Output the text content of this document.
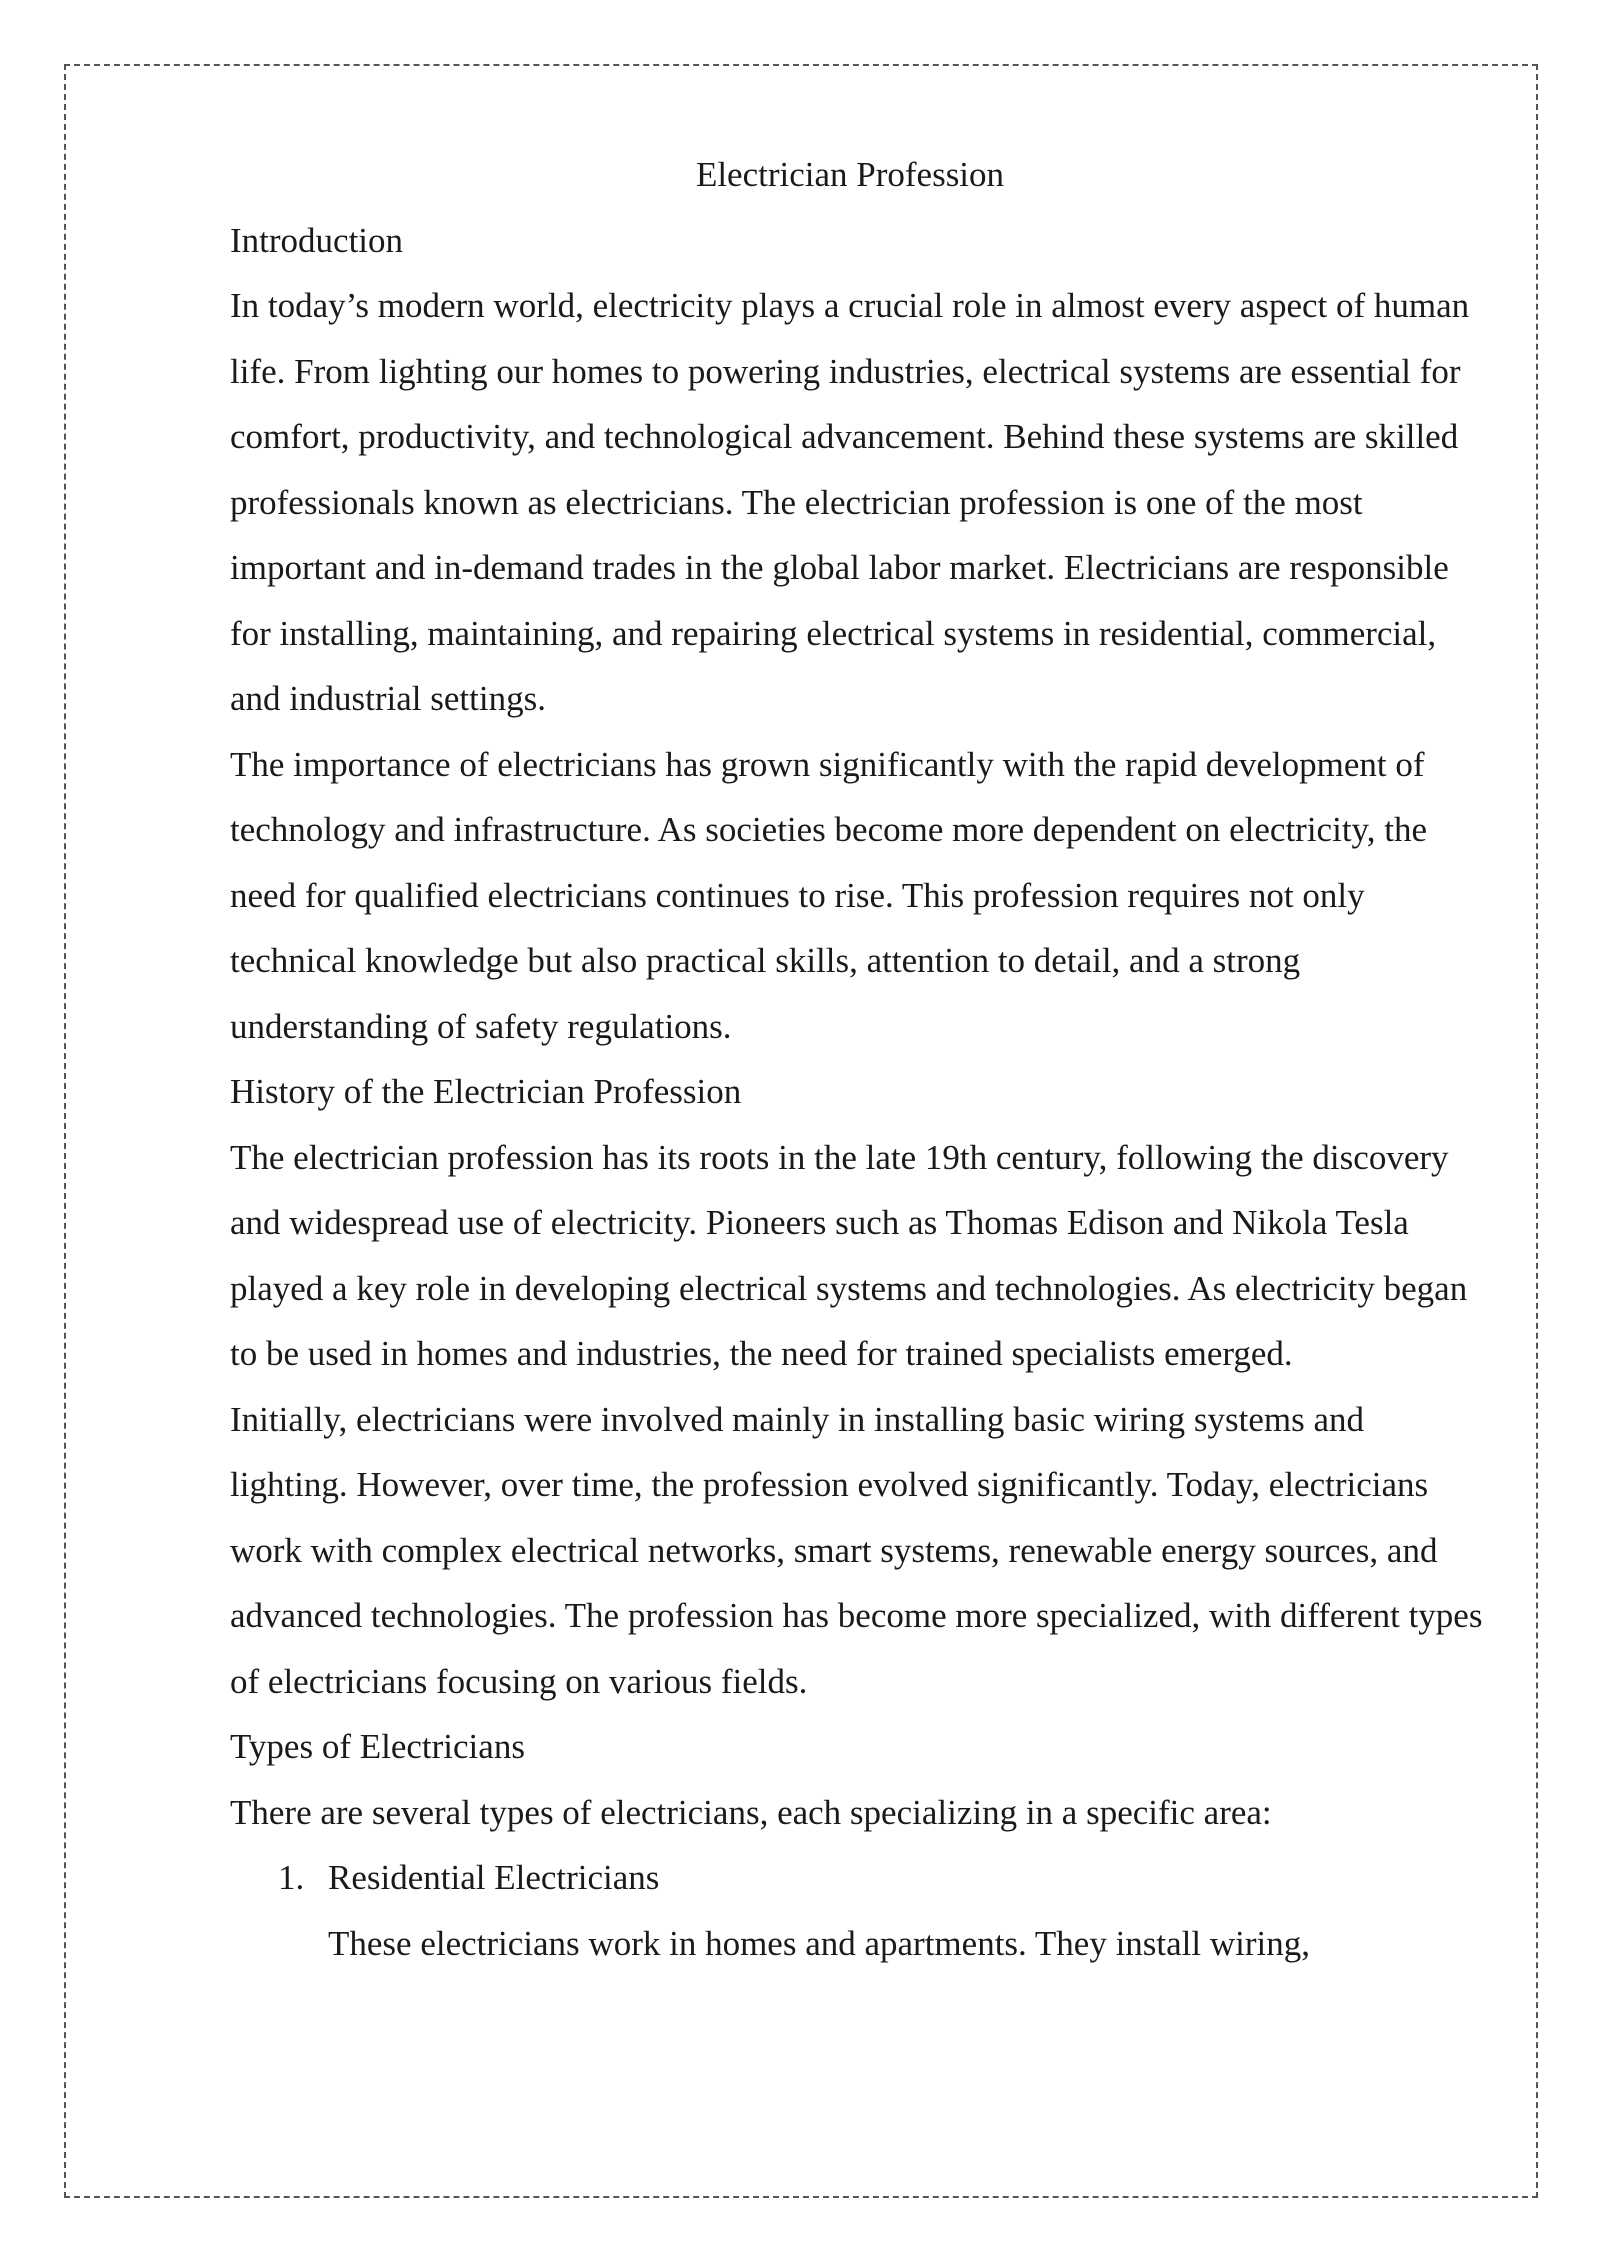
Electrician Profession
Introduction

In today’s modern world, electricity plays a crucial role in almost every aspect of human life. From lighting our homes to powering industries, electrical systems are essential for comfort, productivity, and technological advancement. Behind these systems are skilled professionals known as electricians. The electrician profession is one of the most important and in-demand trades in the global labor market. Electricians are responsible for installing, maintaining, and repairing electrical systems in residential, commercial, and industrial settings.

The importance of electricians has grown significantly with the rapid development of technology and infrastructure. As societies become more dependent on electricity, the need for qualified electricians continues to rise. This profession requires not only technical knowledge but also practical skills, attention to detail, and a strong understanding of safety regulations.

History of the Electrician Profession

The electrician profession has its roots in the late 19th century, following the discovery and widespread use of electricity. Pioneers such as Thomas Edison and Nikola Tesla played a key role in developing electrical systems and technologies. As electricity began to be used in homes and industries, the need for trained specialists emerged.

Initially, electricians were involved mainly in installing basic wiring systems and lighting. However, over time, the profession evolved significantly. Today, electricians work with complex electrical networks, smart systems, renewable energy sources, and advanced technologies. The profession has become more specialized, with different types of electricians focusing on various fields.

Types of Electricians

There are several types of electricians, each specializing in a specific area:

1. Residential Electricians
These electricians work in homes and apartments. They install wiring,
